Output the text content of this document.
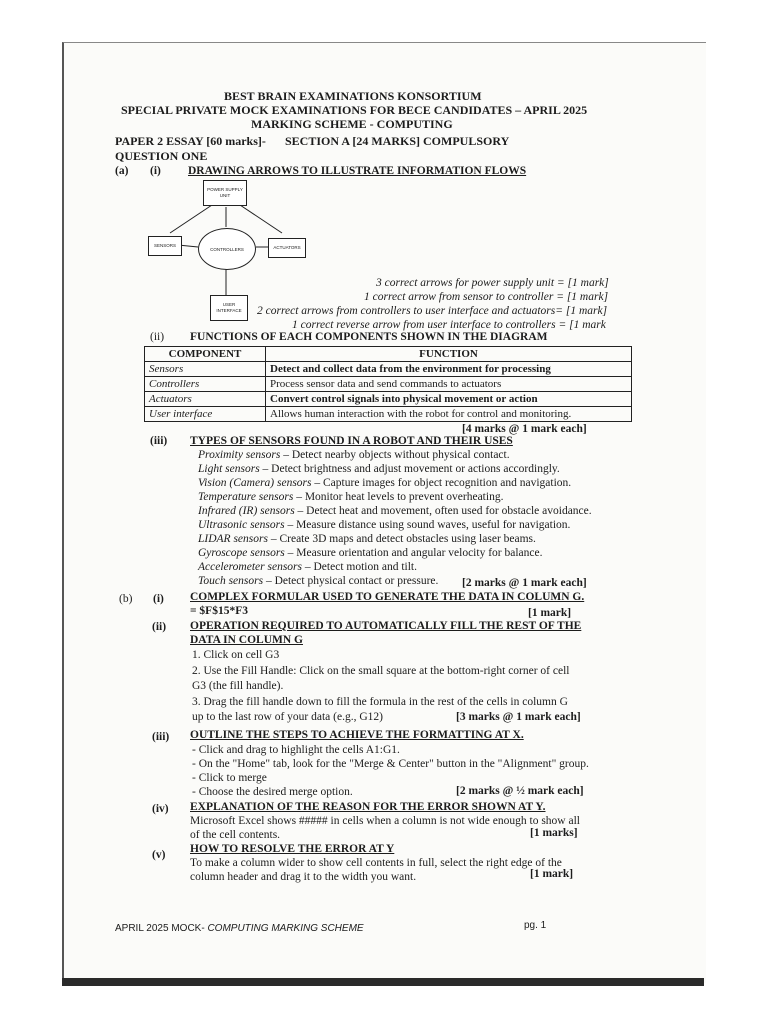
BEST BRAIN EXAMINATIONS KONSORTIUM
SPECIAL PRIVATE MOCK EXAMINATIONS FOR BECE CANDIDATES – APRIL 2025
MARKING SCHEME - COMPUTING
PAPER 2 ESSAY [60 marks]- SECTION A [24 MARKS] COMPULSORY
QUESTION ONE
(a) (i) DRAWING ARROWS TO ILLUSTRATE INFORMATION FLOWS
POWER SUPPLY UNIT
SENSORS
CONTROLLERS	ACTUATORS
USER INTERFACE
3 correct arrows for power supply unit = [1 mark]
1 correct arrow from sensor to controller = [1 mark]
2 correct arrows from controllers to user interface and actuators= [1 mark]
1 correct reverse arrow from user interface to controllers = [1 mark
(ii) FUNCTIONS OF EACH COMPONENTS SHOWN IN THE DIAGRAM
COMPONENT	FUNCTION
Sensors	Detect and collect data from the environment for processing
Controllers	Process sensor data and send commands to actuators
Actuators	Convert control signals into physical movement or action
User interface	Allows human interaction with the robot for control and monitoring.
[4 marks @ 1 mark each]
(iii) TYPES OF SENSORS FOUND IN A ROBOT AND THEIR USES
Proximity sensors – Detect nearby objects without physical contact.
Light sensors – Detect brightness and adjust movement or actions accordingly.
Vision (Camera) sensors – Capture images for object recognition and navigation.
Temperature sensors – Monitor heat levels to prevent overheating.
Infrared (IR) sensors – Detect heat and movement, often used for obstacle avoidance.
Ultrasonic sensors – Measure distance using sound waves, useful for navigation.
LIDAR sensors – Create 3D maps and detect obstacles using laser beams.
Gyroscope sensors – Measure orientation and angular velocity for balance.
Accelerometer sensors – Detect motion and tilt.
Touch sensors – Detect physical contact or pressure. [2 marks @ 1 mark each]
(b) (i) COMPLEX FORMULAR USED TO GENERATE THE DATA IN COLUMN G.
= $F$15*F3	[1 mark]
(ii) OPERATION REQUIRED TO AUTOMATICALLY FILL THE REST OF THE
DATA IN COLUMN G
1. Click on cell G3
2. Use the Fill Handle: Click on the small square at the bottom-right corner of cell
G3 (the fill handle).
3. Drag the fill handle down to fill the formula in the rest of the cells in column G
up to the last row of your data (e.g., G12)	[3 marks @ 1 mark each]
(iii) OUTLINE THE STEPS TO ACHIEVE THE FORMATTING AT X.
- Click and drag to highlight the cells A1:G1.
- On the "Home" tab, look for the "Merge & Center" button in the "Alignment" group.
- Click to merge
- Choose the desired merge option.	[2 marks @ ½ mark each]
(iv) EXPLANATION OF THE REASON FOR THE ERROR SHOWN AT Y.
Microsoft Excel shows ##### in cells when a column is not wide enough to show all
of the cell contents.	[1 marks]
(v) HOW TO RESOLVE THE ERROR AT Y
To make a column wider to show cell contents in full, select the right edge of the
column header and drag it to the width you want.	[1 mark]
APRIL 2025 MOCK- COMPUTING MARKING SCHEME	pg. 1
